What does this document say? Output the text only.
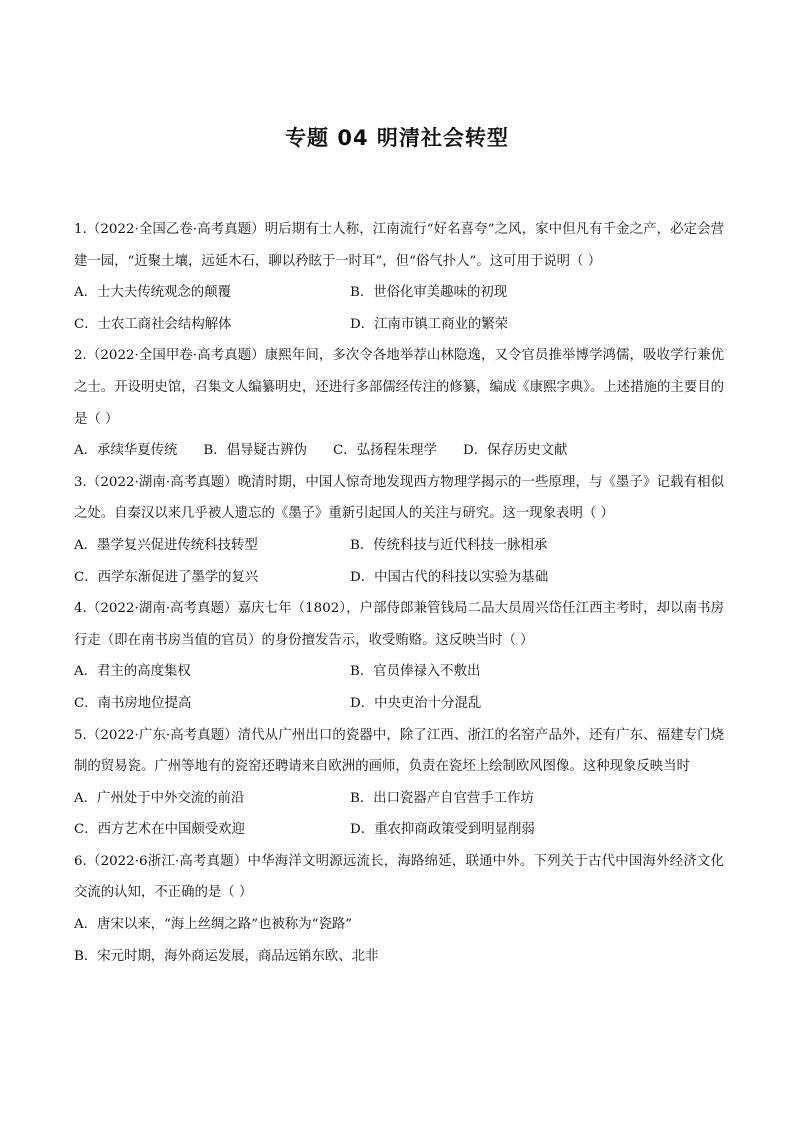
专题 04 明清社会转型
1.（2022·全国乙卷·高考真题）明后期有士人称，江南流行“好名喜夸”之风，家中但凡有千金之产，必定会营建一园，“近聚土壤，远延木石，聊以矜眩于一时耳”，但“俗气扑人”。这可用于说明（ ）
A．士大夫传统观念的颠覆	B．世俗化审美趣味的初现
C．士农工商社会结构解体	D．江南市镇工商业的繁荣
2.（2022·全国甲卷·高考真题）康熙年间，多次令各地举荐山林隐逸，又令官员推举博学鸿儒，吸收学行兼优之士。开设明史馆，召集文人编纂明史，还进行多部儒经传注的修纂，编成《康熙字典》。上述措施的主要目的是（ ）
A．承续华夏传统 B．倡导疑古辨伪 C．弘扬程朱理学 D．保存历史文献
3.（2022·湖南·高考真题）晚清时期，中国人惊奇地发现西方物理学揭示的一些原理，与《墨子》记载有相似之处。自秦汉以来几乎被人遗忘的《墨子》重新引起国人的关注与研究。这一现象表明（ ）
A．墨学复兴促进传统科技转型	B．传统科技与近代科技一脉相承
C．西学东渐促进了墨学的复兴	D．中国古代的科技以实验为基础
4.（2022·湖南·高考真题）嘉庆七年（1802），户部侍郎兼管钱局二品大员周兴岱任江西主考时，却以南书房行走（即在南书房当值的官员）的身份擅发告示，收受贿赂。这反映当时（ ）
A．君主的高度集权	B．官员俸禄入不敷出
C．南书房地位提高	D．中央吏治十分混乱
5.（2022·广东·高考真题）清代从广州出口的瓷器中，除了江西、浙江的名窑产品外，还有广东、福建专门烧制的贸易瓷。广州等地有的瓷窑还聘请来自欧洲的画师，负责在瓷坯上绘制欧风图像。这种现象反映当时
A．广州处于中外交流的前沿	B．出口瓷器产自官营手工作坊
C．西方艺术在中国颇受欢迎	D．重农抑商政策受到明显削弱
6.（2022·6浙江·高考真题）中华海洋文明源远流长，海路绵延，联通中外。下列关于古代中国海外经济文化交流的认知，不正确的是（ ）
A．唐宋以来，“海上丝绸之路”也被称为“瓷路”
B．宋元时期，海外商运发展，商品远销东欧、北非
